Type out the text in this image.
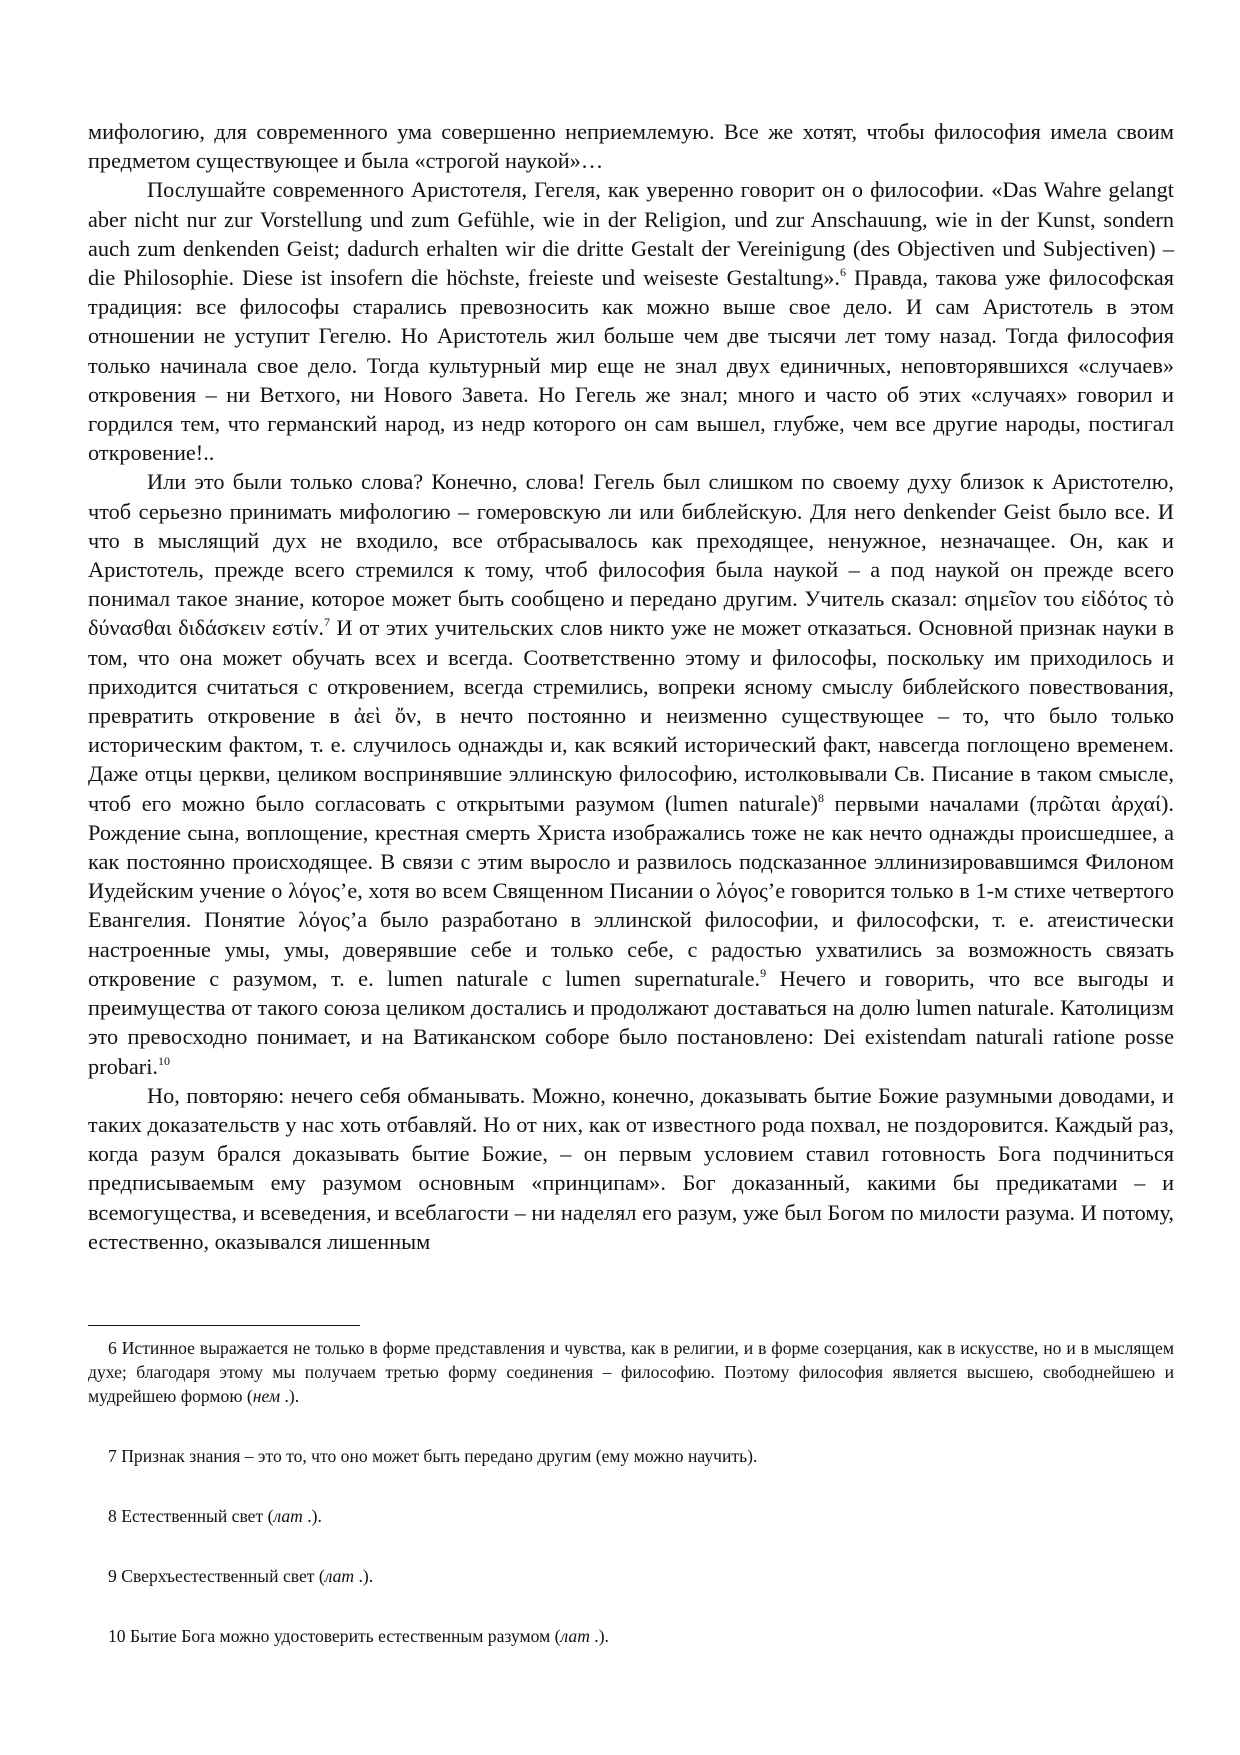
мифологию, для современного ума совершенно неприемлемую. Все же хотят, чтобы философия имела своим предметом существующее и была «строгой наукой»…

Послушайте современного Аристотеля, Гегеля, как уверенно говорит он о философии. «Das Wahre gelangt aber nicht nur zur Vorstellung und zum Gefühle, wie in der Religion, und zur Anschauung, wie in der Kunst, sondern auch zum denkenden Geist; dadurch erhalten wir die dritte Gestalt der Vereinigung (des Objectiven und Subjectiven) – die Philosophie. Diese ist insofern die höchste, freieste und weiseste Gestaltung».$^6$ Правда, такова уже философская традиция: все философы старались превозносить как можно выше свое дело. И сам Аристотель в этом отношении не уступит Гегелю. Но Аристотель жил больше чем две тысячи лет тому назад. Тогда философия только начинала свое дело. Тогда культурный мир еще не знал двух единичных, неповторявшихся «случаев» откровения – ни Ветхого, ни Нового Завета. Но Гегель же знал; много и часто об этих «случаях» говорил и гордился тем, что германский народ, из недр которого он сам вышел, глубже, чем все другие народы, постигал откровение!..

Или это были только слова? Конечно, слова! Гегель был слишком по своему духу близок к Аристотелю, чтоб серьезно принимать мифологию – гомеровскую ли или библейскую. Для него denkender Geist было все. И что в мыслящий дух не входило, все отбрасывалось как преходящее, ненужное, незначащее. Он, как и Аристотель, прежде всего стремился к тому, чтоб философия была наукой – а под наукой он прежде всего понимал такое знание, которое может быть сообщено и передано другим. Учитель сказал: σημεῖον του εἰδότος τὸ δύνασθαι διδάσκειν εστίν.$^7$ И от этих учительских слов никто уже не может отказаться. Основной признак науки в том, что она может обучать всех и всегда. Соответственно этому и философы, поскольку им приходилось и приходится считаться с откровением, всегда стремились, вопреки ясному смыслу библейского повествования, превратить откровение в ἀεὶ ὄν, в нечто постоянно и неизменно существующее – то, что было только историческим фактом, т. е. случилось однажды и, как всякий исторический факт, навсегда поглощено временем. Даже отцы церкви, целиком воспринявшие эллинскую философию, истолковывали Св. Писание в таком смысле, чтоб его можно было согласовать с открытыми разумом (lumen naturale)$^8$ первыми началами (πρῶται ἀρχαί). Рождение сына, воплощение, крестная смерть Христа изображались тоже не как нечто однажды происшедшее, а как постоянно происходящее. В связи с этим выросло и развилось подсказанное эллинизировавшимся Филоном Иудейским учение о λόγος’е, хотя во всем Священном Писании о λόγος’е говорится только в 1-м стихе четвертого Евангелия. Понятие λόγος’а было разработано в эллинской философии, и философски, т. е. атеистически настроенные умы, умы, доверявшие себе и только себе, с радостью ухватились за возможность связать откровение с разумом, т. е. lumen naturale с lumen supernaturale.$^9$ Нечего и говорить, что все выгоды и преимущества от такого союза целиком достались и продолжают доставаться на долю lumen naturale. Католицизм это превосходно понимает, и на Ватиканском соборе было постановлено: Dei existendam naturali ratione posse probari.$^{10}$

Но, повторяю: нечего себя обманывать. Можно, конечно, доказывать бытие Божие разумными доводами, и таких доказательств у нас хоть отбавляй. Но от них, как от известного рода похвал, не поздоровится. Каждый раз, когда разум брался доказывать бытие Божие, – он первым условием ставил готовность Бога подчиниться предписываемым ему разумом основным «принципам». Бог доказанный, какими бы предикатами – и всемогущества, и всеведения, и всеблагости – ни наделял его разум, уже был Богом по милости разума. И потому, естественно, оказывался лишенным

6 Истинное выражается не только в форме представления и чувства, как в религии, и в форме созерцания, как в искусстве, но и в мыслящем духе; благодаря этому мы получаем третью форму соединения – философию. Поэтому философия является высшею, свободнейшею и мудрейшею формою (нем .).

7 Признак знания – это то, что оно может быть передано другим (ему можно научить).

8 Естественный свет (лат .).

9 Сверхъестественный свет (лат .).

10 Бытие Бога можно удостоверить естественным разумом (лат .).
